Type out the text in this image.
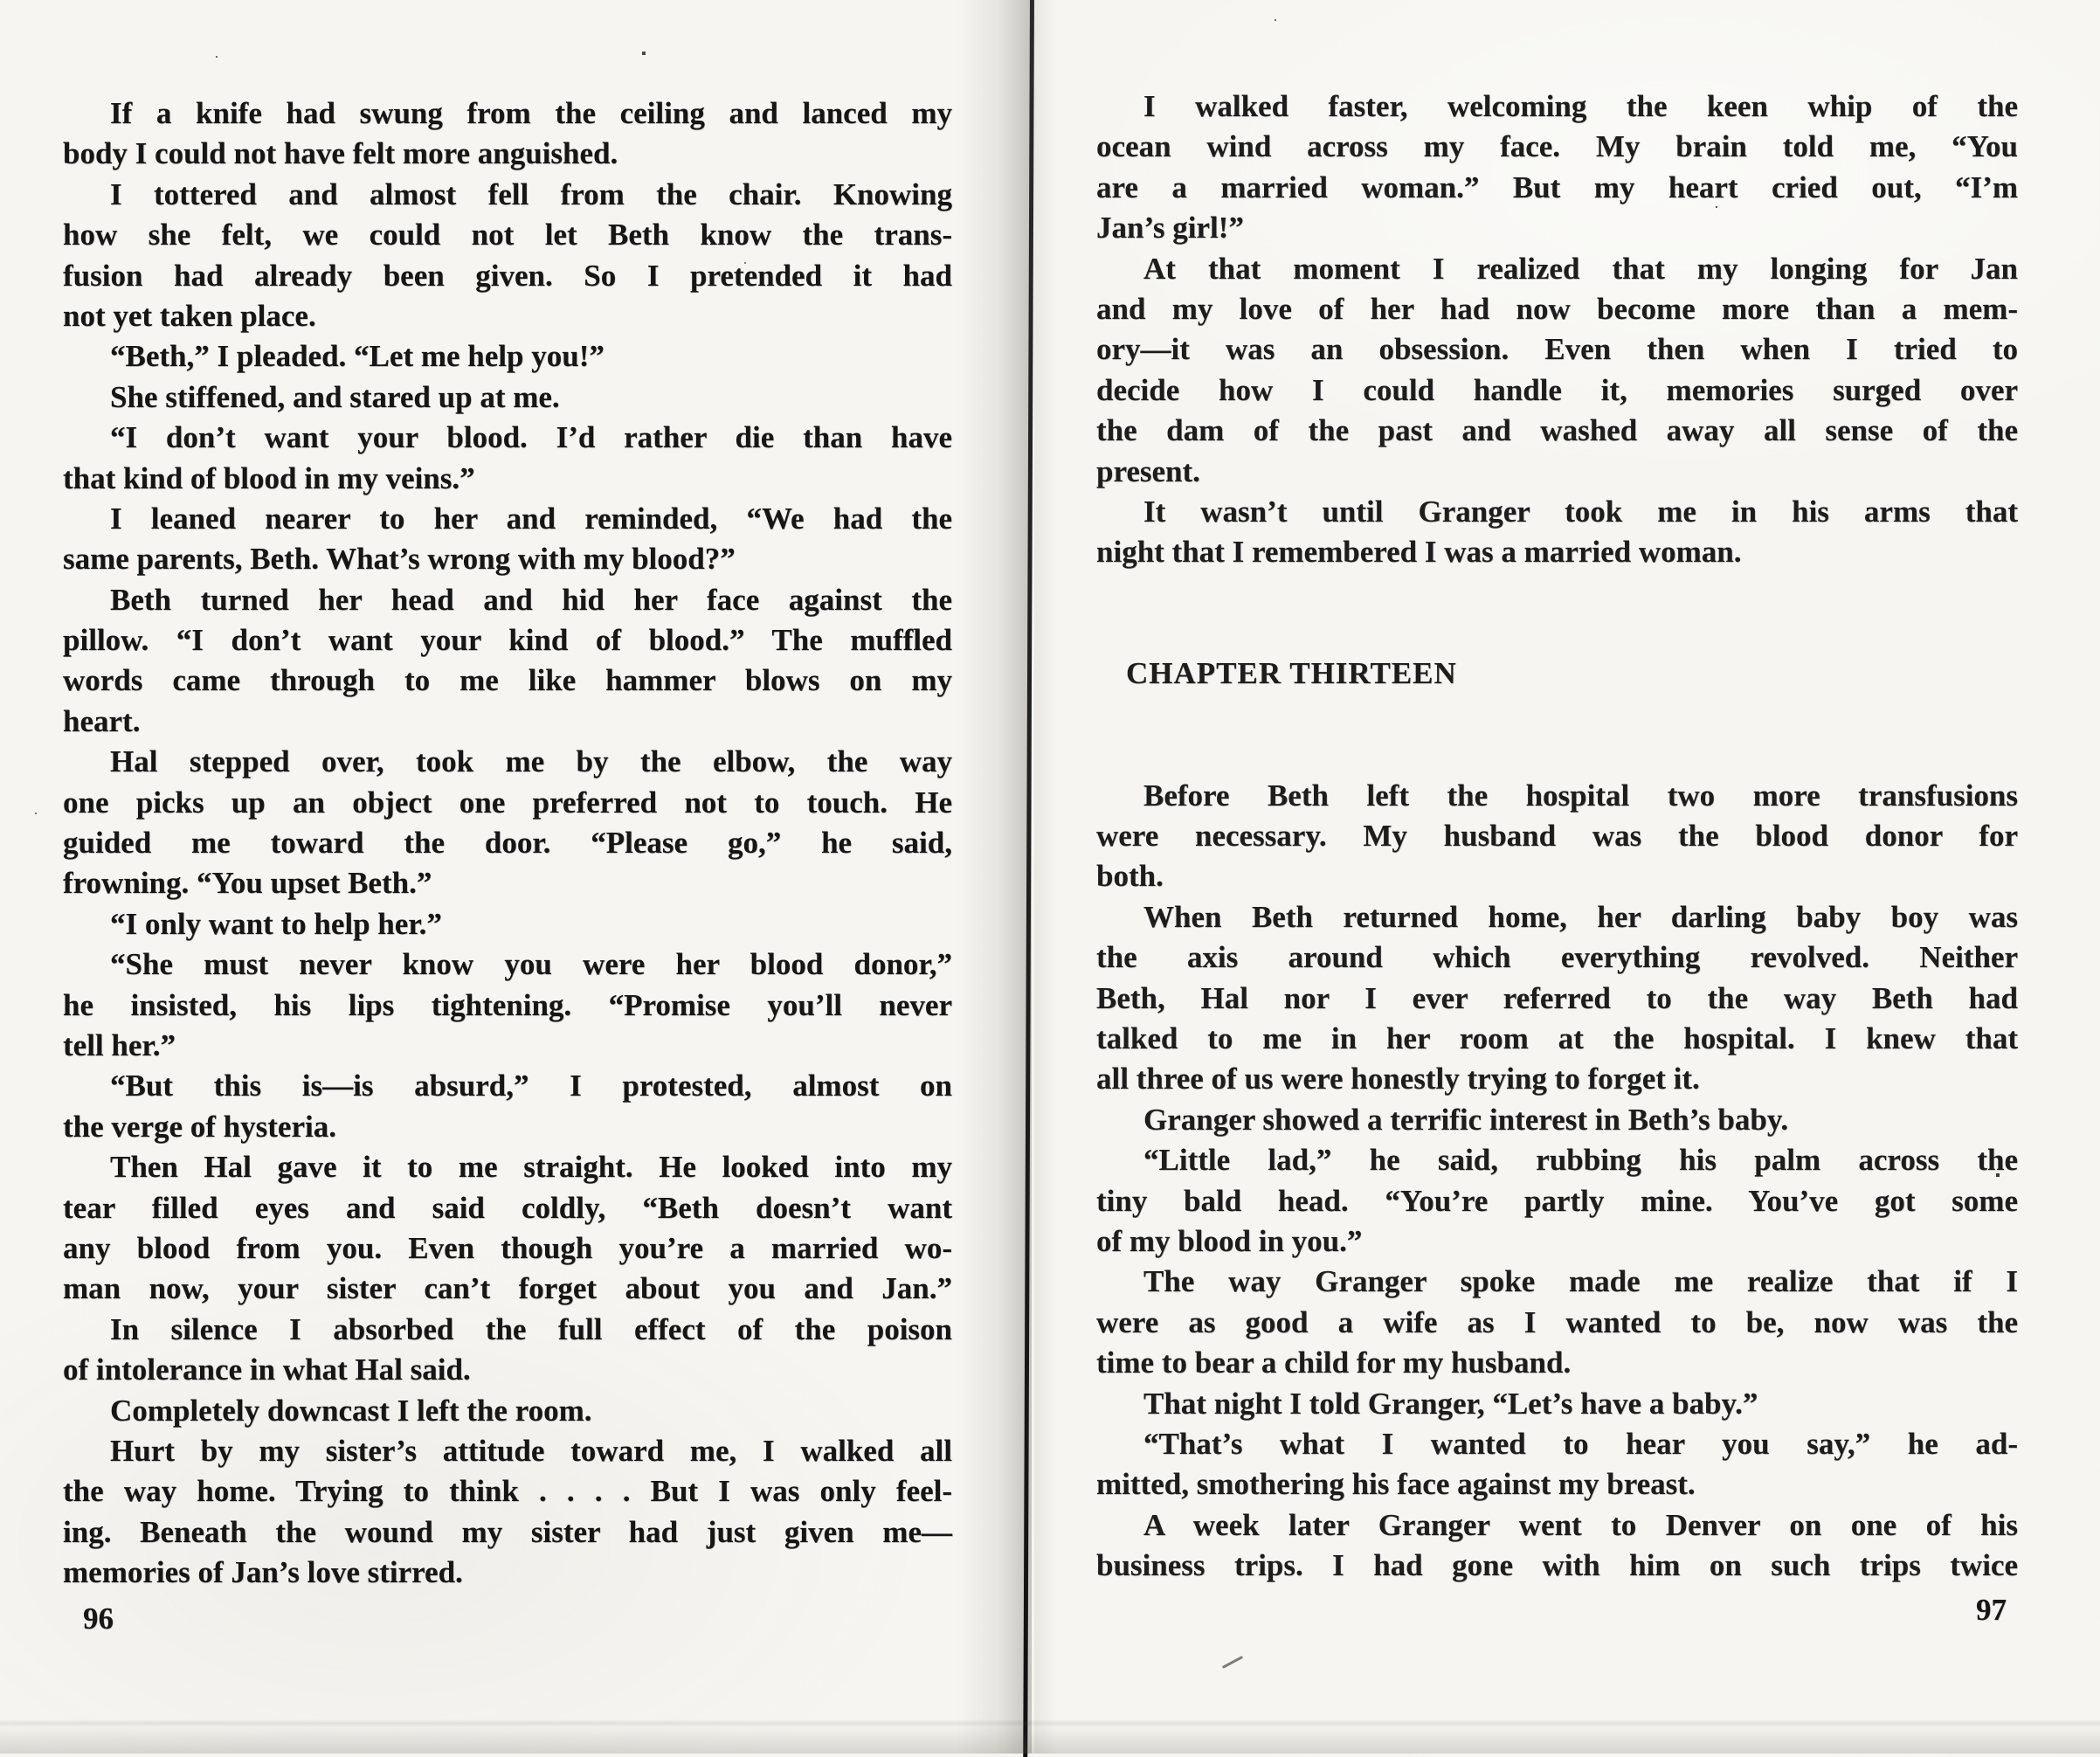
If a knife had swung from the ceiling and lanced my
body I could not have felt more anguished.
I tottered and almost fell from the chair. Knowing
how she felt, we could not let Beth know the trans-
fusion had already been given. So I pretended it had
not yet taken place.
“Beth,” I pleaded. “Let me help you!”
She stiffened, and stared up at me.
“I don’t want your blood. I’d rather die than have
that kind of blood in my veins.”
I leaned nearer to her and reminded, “We had the
same parents, Beth. What’s wrong with my blood?”
Beth turned her head and hid her face against the
pillow. “I don’t want your kind of blood.” The muffled
words came through to me like hammer blows on my
heart.
Hal stepped over, took me by the elbow, the way
one picks up an object one preferred not to touch. He
guided me toward the door. “Please go,” he said,
frowning. “You upset Beth.”
“I only want to help her.”
“She must never know you were her blood donor,”
he insisted, his lips tightening. “Promise you’ll never
tell her.”
“But this is—is absurd,” I protested, almost on
the verge of hysteria.
Then Hal gave it to me straight. He looked into my
tear filled eyes and said coldly, “Beth doesn’t want
any blood from you. Even though you’re a married wo-
man now, your sister can’t forget about you and Jan.”
In silence I absorbed the full effect of the poison
of intolerance in what Hal said.
Completely downcast I left the room.
Hurt by my sister’s attitude toward me, I walked all
the way home. Trying to think . . . . But I was only feel-
ing. Beneath the wound my sister had just given me—
memories of Jan’s love stirred.
I walked faster, welcoming the keen whip of the
ocean wind across my face. My brain told me, “You
are a married woman.” But my heart cried out, “I’m
Jan’s girl!”
At that moment I realized that my longing for Jan
and my love of her had now become more than a mem-
ory—it was an obsession. Even then when I tried to
decide how I could handle it, memories surged over
the dam of the past and washed away all sense of the
present.
It wasn’t until Granger took me in his arms that
night that I remembered I was a married woman.
CHAPTER THIRTEEN
Before Beth left the hospital two more transfusions
were necessary. My husband was the blood donor for
both.
When Beth returned home, her darling baby boy was
the axis around which everything revolved. Neither
Beth, Hal nor I ever referred to the way Beth had
talked to me in her room at the hospital. I knew that
all three of us were honestly trying to forget it.
Granger showed a terrific interest in Beth’s baby.
“Little lad,” he said, rubbing his palm across the
tiny bald head. “You’re partly mine. You’ve got some
of my blood in you.”
The way Granger spoke made me realize that if I
were as good a wife as I wanted to be, now was the
time to bear a child for my husband.
That night I told Granger, “Let’s have a baby.”
“That’s what I wanted to hear you say,” he ad-
mitted, smothering his face against my breast.
A week later Granger went to Denver on one of his
business trips. I had gone with him on such trips twice
96	97
